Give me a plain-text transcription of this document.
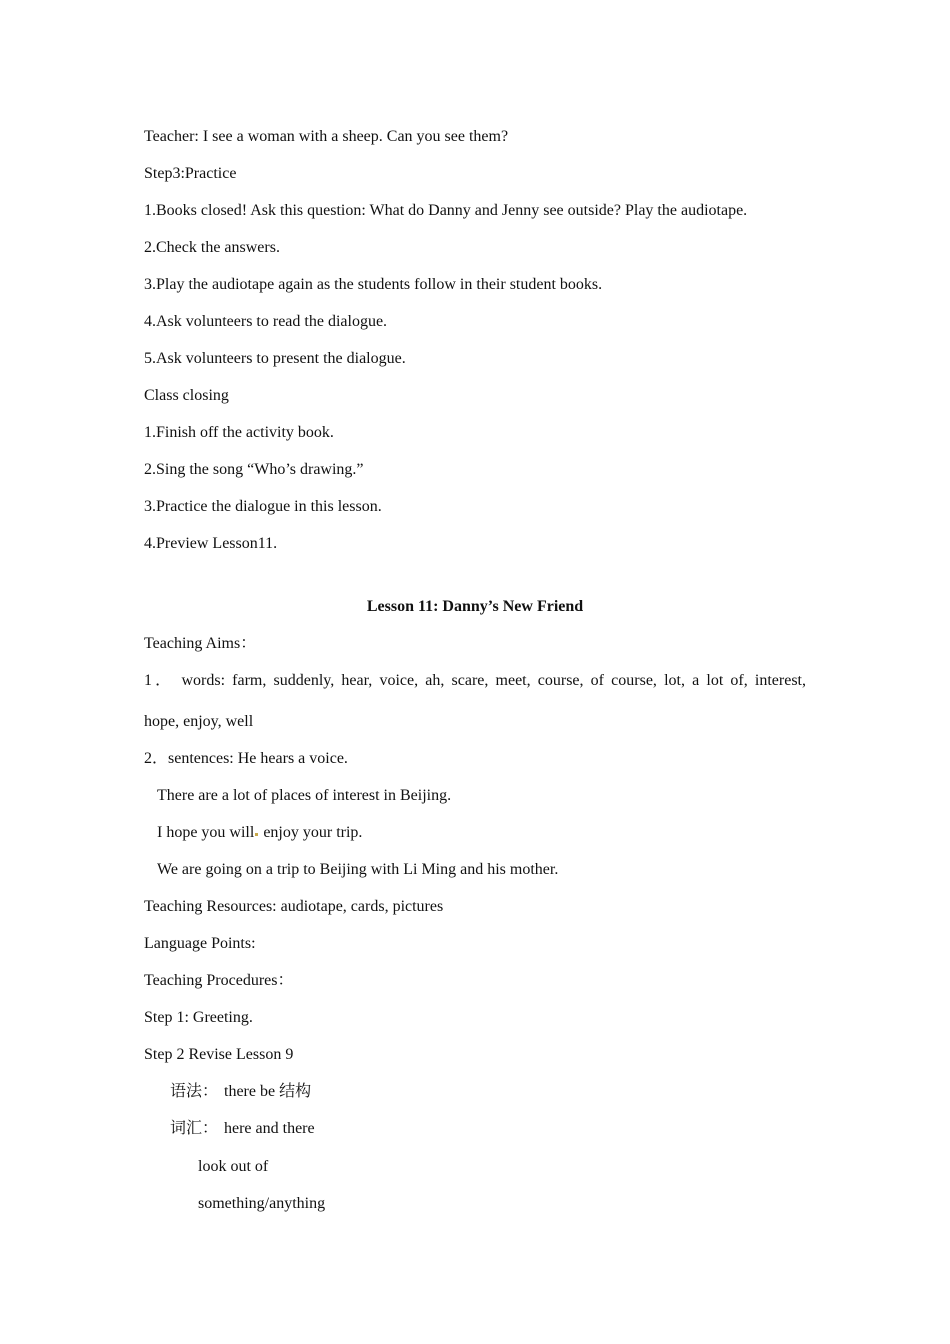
Teacher: I see a woman with a sheep. Can you see them?
Step3:Practice
1.Books closed! Ask this question: What do Danny and Jenny see outside? Play the audiotape.
2.Check the answers.
3.Play the audiotape again as the students follow in their student books.
4.Ask volunteers to read the dialogue.
5.Ask volunteers to present the dialogue.
Class closing
1.Finish off the activity book.
2.Sing the song “Who’s drawing.”
3.Practice the dialogue in this lesson.
4.Preview Lesson11.
Lesson 11: Danny’s New Friend
Teaching Aims：
1． words: farm, suddenly, hear, voice, ah, scare, meet, course, of course, lot, a lot of, interest,
hope, enjoy, well
2．sentences: He hears a voice.
There are a lot of places of interest in Beijing.
I hope you will enjoy your trip.
We are going on a trip to Beijing with Li Ming and his mother.
Teaching Resources: audiotape, cards, pictures
Language Points:
Teaching Procedures：
Step 1: Greeting.
Step 2 Revise Lesson 9
语法： there be 结构
词汇： here and there
look out of
something/anything
